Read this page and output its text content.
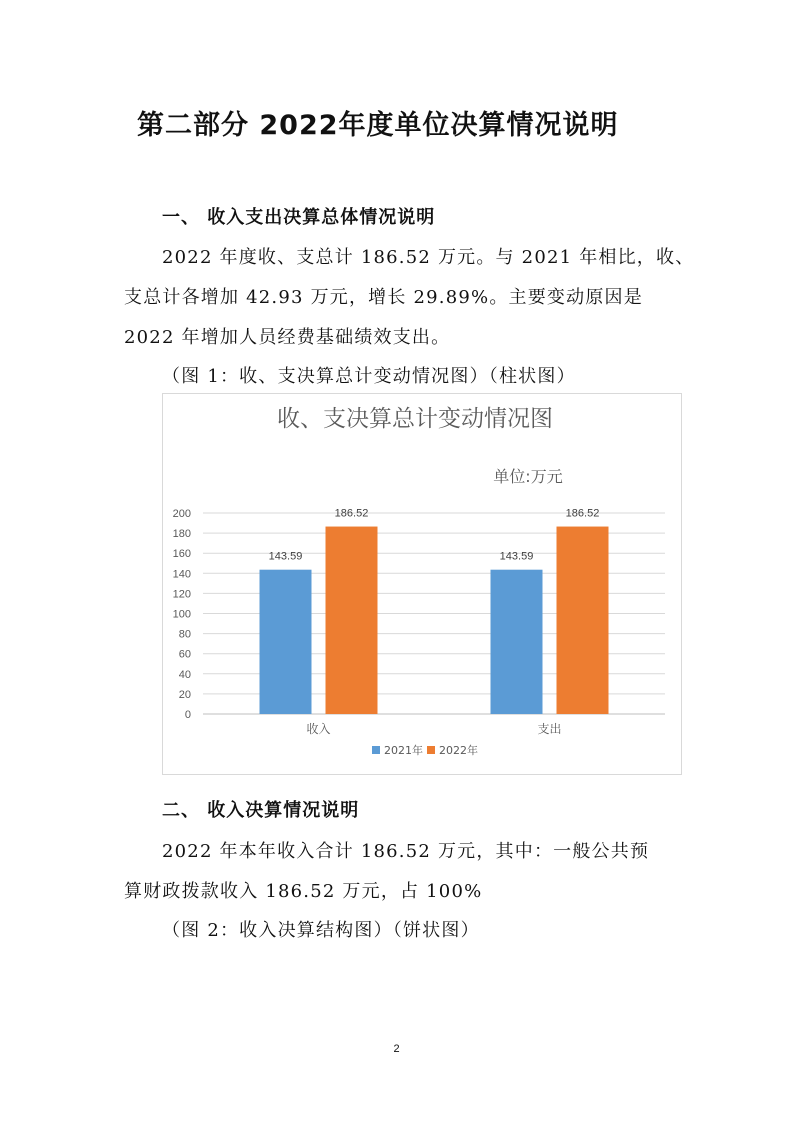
第二部分 2022年度单位决算情况说明
一、 收入支出决算总体情况说明
2022 年度收、支总计 186.52 万元。与 2021 年相比，收、
支总计各增加 42.93 万元，增长 29.89%。主要变动原因是
2022 年增加人员经费基础绩效支出。
（图 1：收、支决算总计变动情况图）（柱状图）
收、支决算总计变动情况图
单位:万元
0
20
40
60
80
100
120
140
160
180
200
143.59
186.52
143.59
186.52
收入	支出
2021年 2022年
二、 收入决算情况说明
2022 年本年收入合计 186.52 万元，其中：一般公共预
算财政拨款收入 186.52 万元，占 100%
（图 2：收入决算结构图）（饼状图）
2
